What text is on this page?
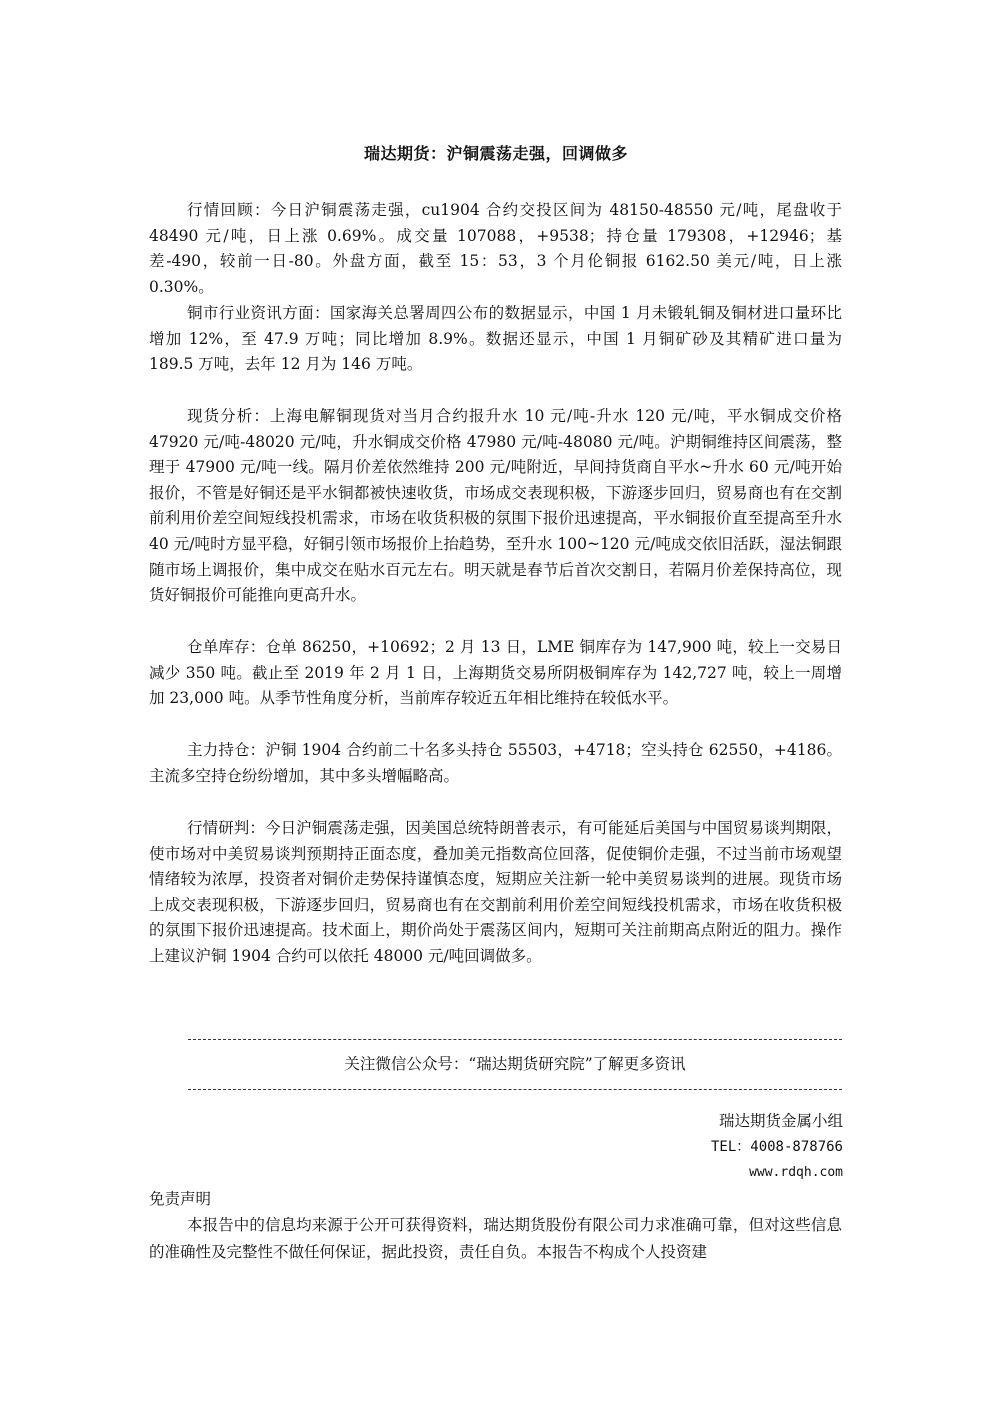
瑞达期货：沪铜震荡走强，回调做多

行情回顾：今日沪铜震荡走强，cu1904 合约交投区间为 48150-48550 元/吨，尾盘收于 48490 元/吨，日上涨 0.69%。成交量 107088，+9538；持仓量 179308，+12946；基差-490，较前一日-80。外盘方面，截至 15：53，3 个月伦铜报 6162.50 美元/吨，日上涨 0.30%。

铜市行业资讯方面：国家海关总署周四公布的数据显示，中国 1 月未锻轧铜及铜材进口量环比增加 12%，至 47.9 万吨；同比增加 8.9%。数据还显示，中国 1 月铜矿砂及其精矿进口量为 189.5 万吨，去年 12 月为 146 万吨。

现货分析：上海电解铜现货对当月合约报升水 10 元/吨-升水 120 元/吨，平水铜成交价格 47920 元/吨-48020 元/吨，升水铜成交价格 47980 元/吨-48080 元/吨。沪期铜维持区间震荡，整理于 47900 元/吨一线。隔月价差依然维持 200 元/吨附近，早间持货商自平水~升水 60 元/吨开始报价，不管是好铜还是平水铜都被快速收货，市场成交表现积极，下游逐步回归，贸易商也有在交割前利用价差空间短线投机需求，市场在收货积极的氛围下报价迅速提高，平水铜报价直至提高至升水 40 元/吨时方显平稳，好铜引领市场报价上抬趋势，至升水 100~120 元/吨成交依旧活跃，湿法铜跟随市场上调报价，集中成交在贴水百元左右。明天就是春节后首次交割日，若隔月价差保持高位，现货好铜报价可能推向更高升水。

仓单库存：仓单 86250，+10692；2 月 13 日，LME 铜库存为 147,900 吨，较上一交易日减少 350 吨。截止至 2019 年 2 月 1 日，上海期货交易所阴极铜库存为 142,727 吨，较上一周增加 23,000 吨。从季节性角度分析，当前库存较近五年相比维持在较低水平。

主力持仓：沪铜 1904 合约前二十名多头持仓 55503，+4718；空头持仓 62550，+4186。主流多空持仓纷纷增加，其中多头增幅略高。

行情研判：今日沪铜震荡走强，因美国总统特朗普表示，有可能延后美国与中国贸易谈判期限，使市场对中美贸易谈判预期持正面态度，叠加美元指数高位回落，促使铜价走强，不过当前市场观望情绪较为浓厚，投资者对铜价走势保持谨慎态度，短期应关注新一轮中美贸易谈判的进展。现货市场上成交表现积极，下游逐步回归，贸易商也有在交割前利用价差空间短线投机需求，市场在收货积极的氛围下报价迅速提高。技术面上，期价尚处于震荡区间内，短期可关注前期高点附近的阻力。操作上建议沪铜 1904 合约可以依托 48000 元/吨回调做多。

关注微信公众号：“瑞达期货研究院”了解更多资讯
瑞达期货金属小组
TEL：4008-878766
www.rdqh.com
免责声明

本报告中的信息均来源于公开可获得资料，瑞达期货股份有限公司力求准确可靠，但对这些信息的准确性及完整性不做任何保证，据此投资，责任自负。本报告不构成个人投资建
